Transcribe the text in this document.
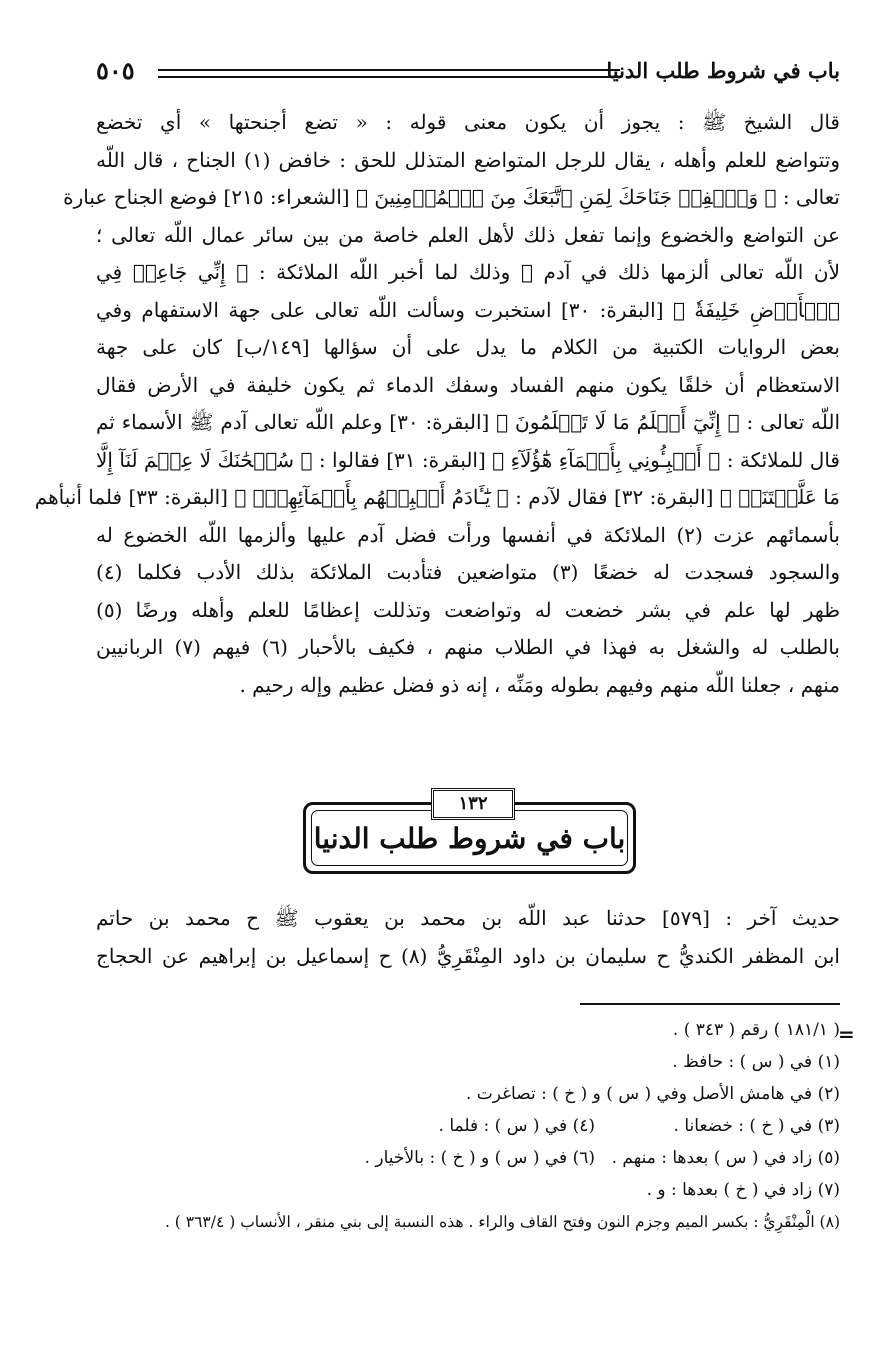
٥٠٥	باب في شروط طلب الدنيا
قال الشيخ ﷺ : يجوز أن يكون معنى قوله : « تضع أجنحتها » أي تخضع
وتتواضع للعلم وأهله ، يقال للرجل المتواضع المتذلل للحق : خافض (١) الجناح ، قال اللّه
تعالى : ﴿ وَٱخۡفِضۡ جَنَاحَكَ لِمَنِ ٱتَّبَعَكَ مِنَ ٱلۡمُؤۡمِنِينَ ﴾ [الشعراء: ٢١٥] فوضع الجناح عبارة
عن التواضع والخضوع وإنما تفعل ذلك لأهل العلم خاصة من بين سائر عمال اللّه تعالى ؛
لأن اللّه تعالى ألزمها ذلك في آدم ﷺ وذلك لما أخبر اللّه الملائكة : ﴿ إِنِّي جَاعِلٞ فِي
ٱلۡأَرۡضِ خَلِيفَةٗ ﴾ [البقرة: ٣٠] استخبرت وسألت اللّه تعالى على جهة الاستفهام وفي
بعض الروايات الكتبية من الكلام ما يدل على أن سؤالها [١٤٩/ب] كان على جهة
الاستعظام أن خلقًا يكون منهم الفساد وسفك الدماء ثم يكون خليفة في الأرض فقال
اللّه تعالى : ﴿ إِنِّيٓ أَعۡلَمُ مَا لَا تَعۡلَمُونَ ﴾ [البقرة: ٣٠] وعلم اللّه تعالى آدم ﷺ الأسماء ثم
قال للملائكة : ﴿ أَنۢبِـُٔونِي بِأَسۡمَآءِ هَٰٓؤُلَآءِ ﴾ [البقرة: ٣١] فقالوا : ﴿ سُبۡحَٰنَكَ لَا عِلۡمَ لَنَآ إِلَّا
مَا عَلَّمۡتَنَآۖ ﴾ [البقرة: ٣٢] فقال لآدم : ﴿ يَٰٓـَٔادَمُ أَنۢبِئۡهُم بِأَسۡمَآئِهِمۡۖ ﴾ [البقرة: ٣٣] فلما أنبأهم
بأسمائهم عزت (٢) الملائكة في أنفسها ورأت فضل آدم عليها وألزمها اللّه الخضوع له
والسجود فسجدت له خضعًا (٣) متواضعين فتأدبت الملائكة بذلك الأدب فكلما (٤)
ظهر لها علم في بشر خضعت له وتواضعت وتذللت إعظامًا للعلم وأهله ورضًا (٥)
بالطلب له والشغل به فهذا في الطلاب منهم ، فكيف بالأحبار (٦) فيهم (٧) الربانيين
منهم ، جعلنا اللّه منهم وفيهم بطوله ومَنِّه ، إنه ذو فضل عظيم وإله رحيم .
باب في شروط طلب الدنيا
١٣٢
حديث آخر : [٥٧٩] حدثنا عبد اللّه بن محمد بن يعقوب ﷺ ح محمد بن حاتم
ابن المظفر الكنديُّ ح سليمان بن داود المِنْقَرِيُّ (٨) ح إسماعيل بن إبراهيم عن الحجاج
=
( ١٨١/١ ) رقم ( ٣٤٣ ) .
(١) في ( س ) : حافظ .
(٢) في هامش الأصل وفي ( س ) و ( خ ) : تصاغرت .
(٣) في ( خ ) : خضعانا .
(٤) في ( س ) : فلما .
(٥) زاد في ( س ) بعدها : منهم .
(٦) في ( س ) و ( خ ) : بالأخيار .
(٧) زاد في ( خ ) بعدها : و .
(٨) الْمِنْقَرِيُّ : بكسر الميم وجزم النون وفتح القاف والراء . هذه النسبة إلى بني منقر ، الأنساب ( ٣٦٣/٤ ) .
